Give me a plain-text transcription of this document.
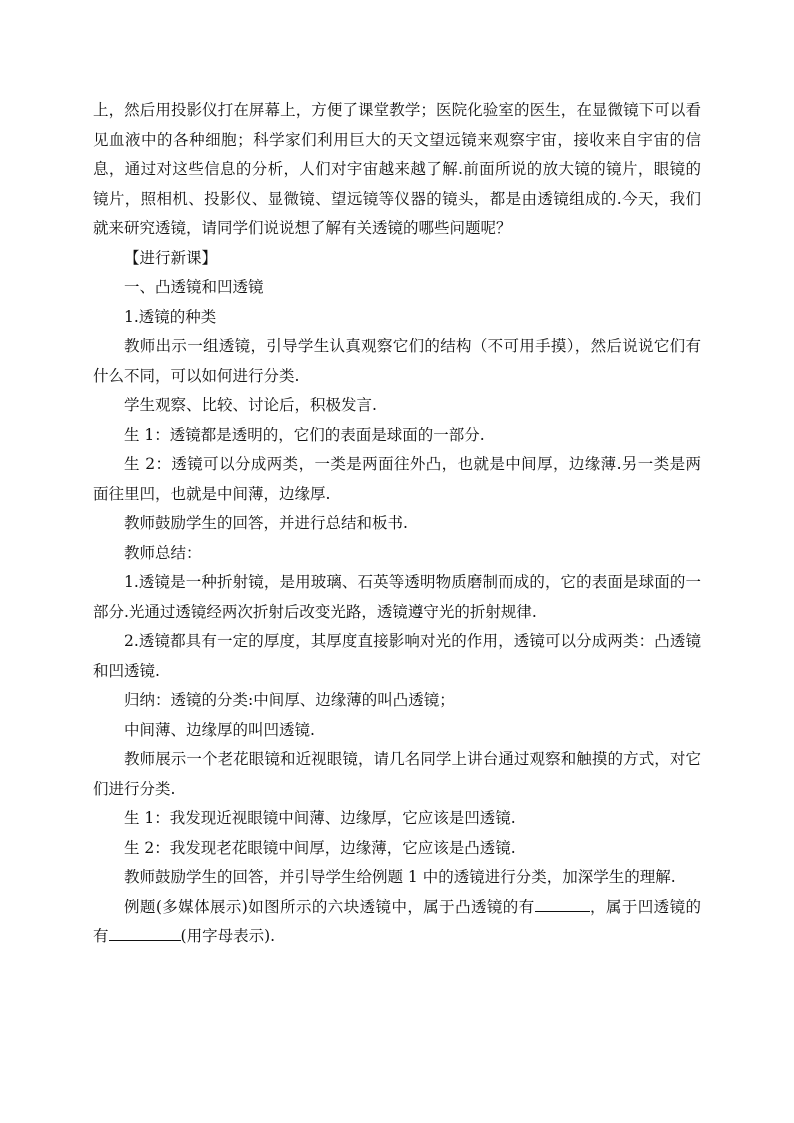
上，然后用投影仪打在屏幕上，方便了课堂教学；医院化验室的医生，在显微镜下可以看见血液中的各种细胞；科学家们利用巨大的天文望远镜来观察宇宙，接收来自宇宙的信息，通过对这些信息的分析，人们对宇宙越来越了解.前面所说的放大镜的镜片，眼镜的镜片，照相机、投影仪、显微镜、望远镜等仪器的镜头，都是由透镜组成的.今天，我们就来研究透镜，请同学们说说想了解有关透镜的哪些问题呢？

【进行新课】

一、凸透镜和凹透镜

1.透镜的种类

教师出示一组透镜，引导学生认真观察它们的结构（不可用手摸），然后说说它们有什么不同，可以如何进行分类.

学生观察、比较、讨论后，积极发言.

生 1：透镜都是透明的，它们的表面是球面的一部分.

生 2：透镜可以分成两类，一类是两面往外凸，也就是中间厚，边缘薄.另一类是两面往里凹，也就是中间薄，边缘厚.

教师鼓励学生的回答，并进行总结和板书.

教师总结：

1.透镜是一种折射镜，是用玻璃、石英等透明物质磨制而成的，它的表面是球面的一部分.光通过透镜经两次折射后改变光路，透镜遵守光的折射规律.

2.透镜都具有一定的厚度，其厚度直接影响对光的作用，透镜可以分成两类：凸透镜和凹透镜.

归纳：透镜的分类:中间厚、边缘薄的叫凸透镜；

中间薄、边缘厚的叫凹透镜.

教师展示一个老花眼镜和近视眼镜，请几名同学上讲台通过观察和触摸的方式，对它们进行分类.

生 1：我发现近视眼镜中间薄、边缘厚，它应该是凹透镜.

生 2：我发现老花眼镜中间厚，边缘薄，它应该是凸透镜.

教师鼓励学生的回答，并引导学生给例题 1 中的透镜进行分类，加深学生的理解.

例题(多媒体展示)如图所示的六块透镜中，属于凸透镜的有	，属于凹透镜的有	(用字母表示).
